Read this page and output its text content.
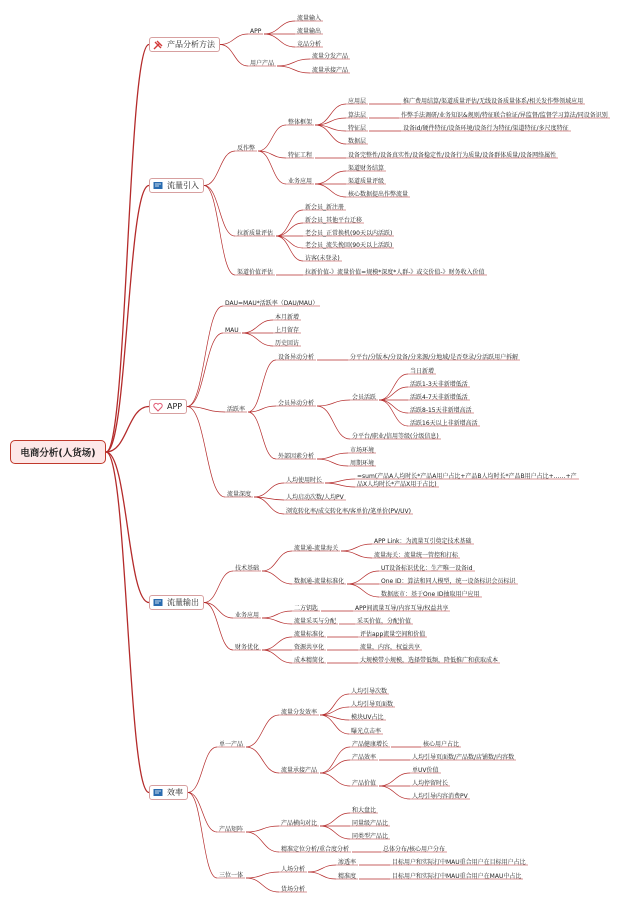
电商分析(人货场)
产品分析方法
流量引入
APP
流量输出
效率
APP
流量输入
流量输出
竞品分析
用户产品
流量分发产品
流量承接产品
反作弊
整体框架
应用层	推广费用结算/渠道质量评估/无线设备质量体系/相关发作弊领域应用
算法层	作弊手法调研/业务知识&规则/特征联合验证/异监督/监督学习算法/同设备识别
特征层	设备id/硬件特征/设备环境/设备行为特征/渠道特征/多尺度特征
数据层
特征工程	设备完整性/设备真实性/设备稳定性/设备行为质量/设备群体质量/设备网络属性
业务应用
渠道财务结算
渠道质量评级
核心数据提出作弊流量
拉新质量评估
新会员_新注册
新会员_其他平台迁移
老会员_正常换机(90天以内活跃)
老会员_流失挽回(90天以上活跃)
访客(未登录)
渠道价值评估	拉新价值-》流量价值=规模*深度*人群-》或交价值-》财务收入价值
DAU=MAU*活跃率（DAU/MAU）
MAU
本月新增
上月留存
历史回访
活跃率
设备异动分析	分平台/分版本/分设备/分来源/分地域/是否登录/分活跃用户拆解
会员异动分析
会员活跃
当日新增
活跃1-3天非新增低活
活跃4-7天非新增低活
活跃8-15天非新增高活
活跃16天以上非新增高活
分平台/职业/信用等级(分级信息)
外部因素分析
市场环境
周期环境
流量深度
人均使用时长
=sum(产品A人均时长*产品A用户占比+产品B人均时长*产品B用户占比+……+产
品X人均时长*产品X用于占比)
人均启动次数/人均PV
浏览转化率/成交转化率/客单价/笔单价(PV/UV)
技术基础
流量通-流量海关
APP Link：为流量互引奠定技术基础
流量海关：流量统一管控和打标
数据通-流量标准化
UT设备标识优化：生产唯一设备id
One ID：算法和同人模型，统一设备标识会员标识
数据底市：基于One ID抽取用户应用
业务应用
二方钥匙	APP间流量互导/内容互导/权益共享
流量采买与分配	采买价值，分配价值
财务优化
流量标准化	评估app流量空间和价值
资源共享化	流量，内容，权益共享
成本精简化	大规模带小规模，选择带低频，降低推广和获取成本
单一产品
流量分发效率
人均引导次数
人均引导页面数
模块UV占比
曝光点击率
流量承接产品
产品健康增长	核心用户占比
产品效率	人均引导页面数/产品数/店铺数/内容数
产品价值
单UV价值
人均停留时长
人均引导内容消费PV
产品矩阵
产品横向对比
和大盘比
同量级产品比
同类型产品比
精准定位分析/重合度分析	总体分布/核心用户分布
三位一体
人场分析
渗透率	目标用户和实际打中MAU重合用户在目标用户占比
精准度	目标用户和实际打中MAU重合用户在MAU中占比
货场分析
